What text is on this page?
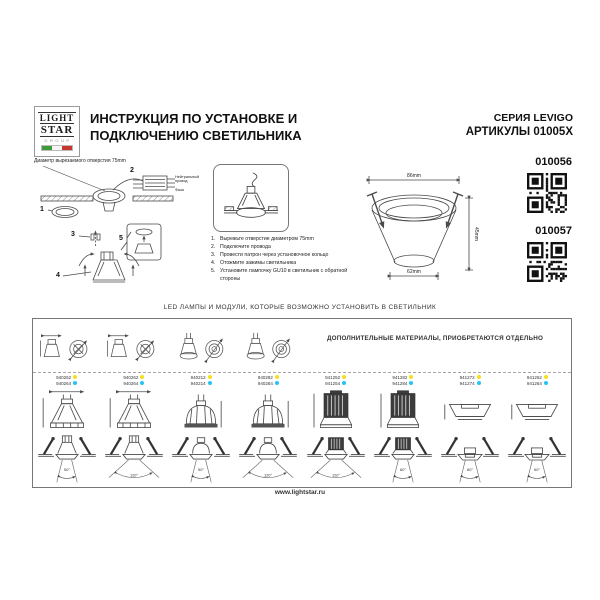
LIGHT
STAR
GROUP
ИНСТРУКЦИЯ ПО УСТАНОВКЕ И
ПОДКЛЮЧЕНИЮ СВЕТИЛЬНИКА
СЕРИЯ LEVIGO
АРТИКУЛЫ 01005X
010056
010057
Диаметр вырезаемого отверстия 75mm
1
2
3
4
5
Нейтральный провод
Фаза
1. Вырежьте отверстие диаметром 75mm
2. Подключите провода
3. Провести патрон через установочное кольцо
4. Отожмите зажимы светильника
5. Установите лампочку GU10 в светильник с обратной стороны
86mm
45mm
62mm
LED ЛАМПЫ И МОДУЛИ, КОТОРЫЕ ВОЗМОЖНО УСТАНОВИТЬ В СВЕТИЛЬНИК
ДОПОЛНИТЕЛЬНЫЕ МАТЕРИАЛЫ, ПРИОБРЕТАЮТСЯ ОТДЕЛЬНО
940262
940264
50°
940262
940264
120°
940212
940214
50°
940282
940284
120°
941252
941254
120°
941282
941284
60°
941272
941274
60°
941262
941264
60°
www.lightstar.ru
